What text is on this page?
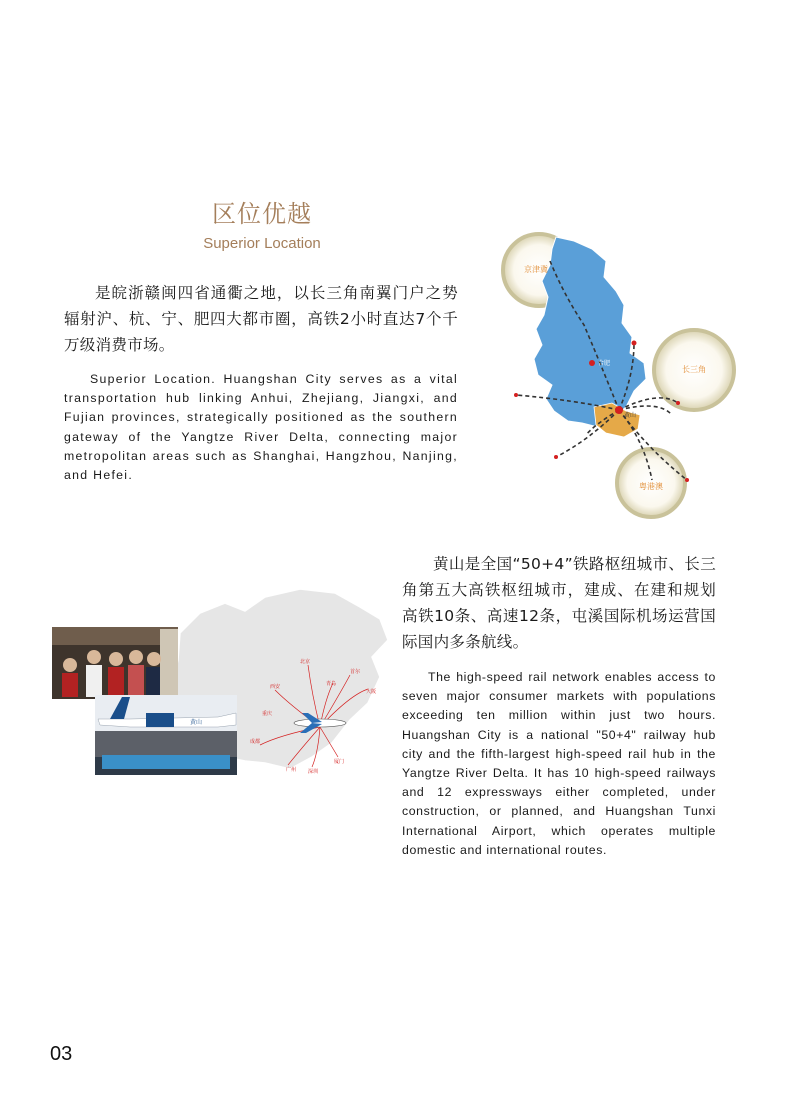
区位优越
Superior Location
是皖浙赣闽四省通衢之地，以长三角南翼门户之势辐射沪、杭、宁、肥四大都市圈，高铁2小时直达7个千万级消费市场。
Superior Location. Huangshan City serves as a vital transportation hub linking Anhui, Zhejiang, Jiangxi, and Fujian provinces, strategically positioned as the southern gateway of the Yangtze River Delta, connecting major metropolitan areas such as Shanghai, Hangzhou, Nanjing, and Hefei.
京津冀
长三角
粤港澳
合肥
黄山
黄山是全国“50+4”铁路枢纽城市、长三角第五大高铁枢纽城市，建成、在建和规划高铁10条、高速12条，屯溪国际机场运营国际国内多条航线。
The high-speed rail network enables access to seven major consumer markets with populations exceeding ten million within just two hours. Huangshan City is a national "50+4" railway hub city and the fifth-largest high-speed rail hub in the Yangtze River Delta. It has 10 high-speed railways and 12 expressways either completed, under construction, or planned, and Huangshan Tunxi International Airport, which operates multiple domestic and international routes.
北京
青岛
西安
成都
重庆
深圳
广州
厦门
大阪
首尔
黄山
03
